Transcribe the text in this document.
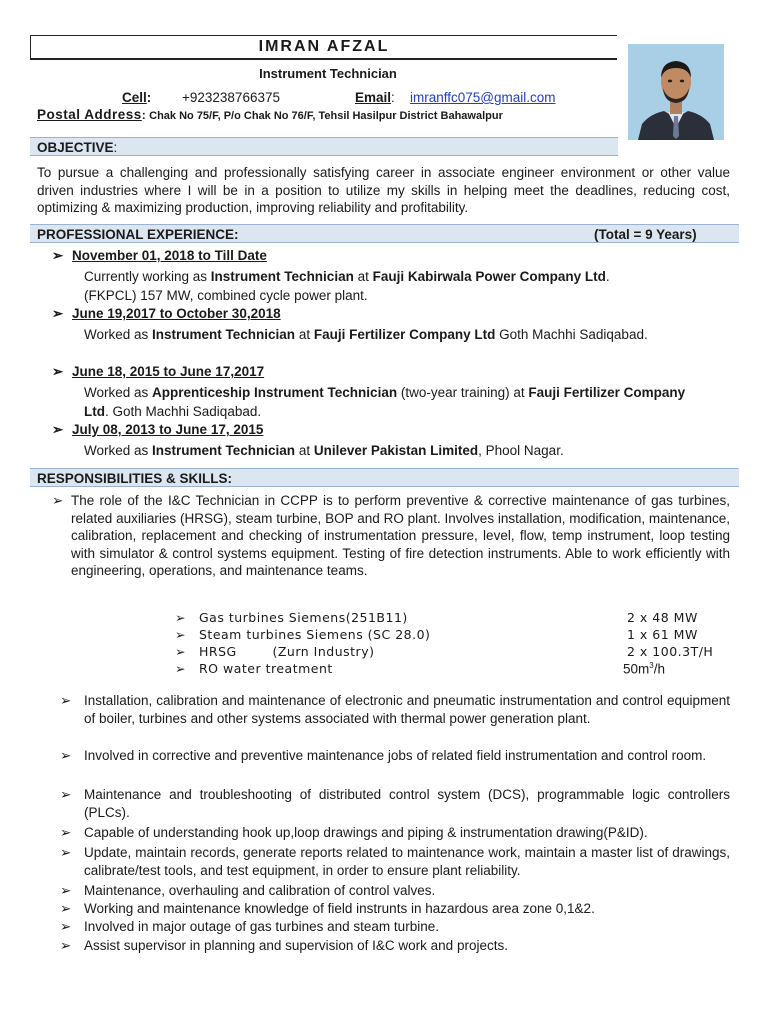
IMRAN AFZAL
Instrument Technician
Cell: +923238766375	Email: imranffc075@gmail.com
Postal Address: Chak No 75/F, P/o Chak No 76/F, Tehsil Hasilpur District Bahawalpur
OBJECTIVE:
To pursue a challenging and professionally satisfying career in associate engineer environment or other value driven industries where I will be in a position to utilize my skills in helping meet the deadlines, reducing cost, optimizing & maximizing production, improving reliability and profitability.
PROFESSIONAL EXPERIENCE:	(Total = 9 Years)
➢ November 01, 2018 to Till Date
Currently working as Instrument Technician at Fauji Kabirwala Power Company Ltd.
(FKPCL) 157 MW, combined cycle power plant.
➢ June 19,2017 to October 30,2018
Worked as Instrument Technician at Fauji Fertilizer Company Ltd Goth Machhi Sadiqabad.
➢ June 18, 2015 to June 17,2017
Worked as Apprenticeship Instrument Technician (two-year training) at Fauji Fertilizer Company Ltd. Goth Machhi Sadiqabad.
➢ July 08, 2013 to June 17, 2015
Worked as Instrument Technician at Unilever Pakistan Limited, Phool Nagar.
RESPONSIBILITIES & SKILLS:
➢ The role of the I&C Technician in CCPP is to perform preventive & corrective maintenance of gas turbines, related auxiliaries (HRSG), steam turbine, BOP and RO plant. Involves installation, modification, maintenance, calibration, replacement and checking of instrumentation pressure, level, flow, temp instrument, loop testing with simulator & control systems equipment. Testing of fire detection instruments. Able to work efficiently with engineering, operations, and maintenance teams.
➢ Gas turbines Siemens(251B11)	2 x 48 MW
➢ Steam turbines Siemens (SC 28.0)	1 x 61 MW
➢ HRSG        (Zurn Industry)	2 x 100.3T/H
➢ RO water treatment	$50m^3/h$
➢ Installation, calibration and maintenance of electronic and pneumatic instrumentation and control equipment of boiler, turbines and other systems associated with thermal power generation plant.
➢ Involved in corrective and preventive maintenance jobs of related field instrumentation and control room.
➢ Maintenance and troubleshooting of distributed control system (DCS), programmable logic controllers (PLCs).
➢ Capable of understanding hook up,loop drawings and piping & instrumentation drawing(P&ID).
➢ Update, maintain records, generate reports related to maintenance work, maintain a master list of drawings, calibrate/test tools, and test equipment, in order to ensure plant reliability.
➢ Maintenance, overhauling and calibration of control valves.
➢ Working and maintenance knowledge of field instrunts in hazardous area zone 0,1&2.
➢ Involved in major outage of gas turbines and steam turbine.
➢ Assist supervisor in planning and supervision of I&C work and projects.
